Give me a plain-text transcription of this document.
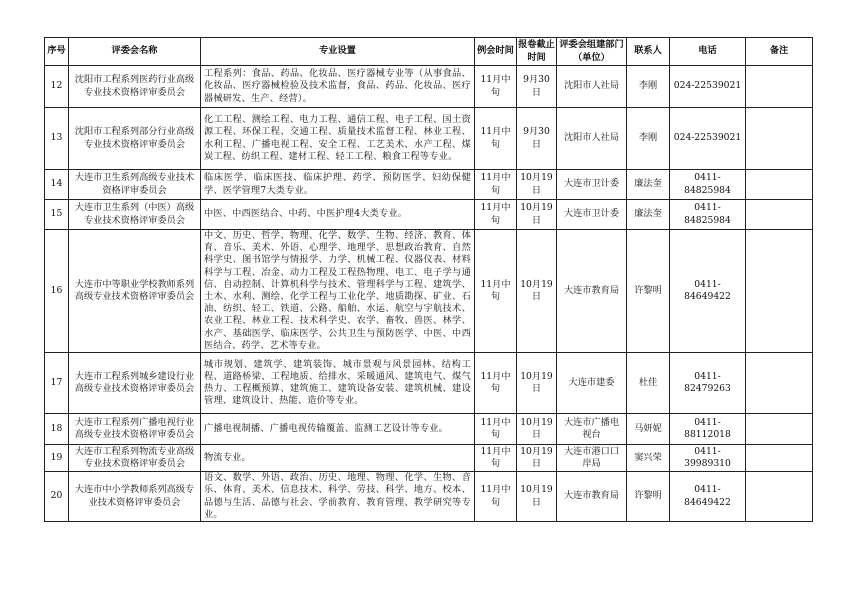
序号	评委会名称	专业设置	例会时间	报卷截止时间	评委会组建部门（单位）	联系人	电话	备注
12	沈阳市工程系列医药行业高级专业技术资格评审委员会	工程系列：食品、药品、化妆品、医疗器械专业等（从事食品、化妆品、医疗器械检验及技术监督，食品、药品、化妆品、医疗器械研发、生产、经营）。	11月中旬	9月30日	沈阳市人社局	李刚	024-22539021	
13	沈阳市工程系列部分行业高级专业技术资格评审委员会	化工工程、测绘工程、电力工程、通信工程、电子工程、国土资源工程、环保工程、交通工程、质量技术监督工程、林业工程、水利工程、广播电视工程、安全工程、工艺美术、水产工程、煤炭工程、纺织工程、建材工程、轻工工程、粮食工程等专业。	11月中旬	9月30日	沈阳市人社局	李刚	024-22539021	
14	大连市卫生系列高级专业技术资格评审委员会	临床医学、临床医技、临床护理、药学、预防医学、妇幼保健学、医学管理7大类专业。	11月中旬	10月19日	大连市卫计委	廉法奎	0411-84825984	
15	大连市卫生系列（中医）高级专业技术资格评审委员会	中医、中西医结合、中药、中医护理4大类专业。	11月中旬	10月19日	大连市卫计委	廉法奎	0411-84825984	
16	大连市中等职业学校教师系列高级专业技术资格评审委员会	中文、历史、哲学、物理、化学、数学、生物、经济、教育、体育、音乐、美术、外语、心理学、地理学、思想政治教育、自然科学史、图书馆学与情报学、力学、机械工程、仪器仪表、材料科学与工程、冶金、动力工程及工程热物理、电工、电子学与通信、自动控制、计算机科学与技术、管理科学与工程、建筑学、土木、水利、测绘、化学工程与工业化学、地质勘探、矿业、石油、纺织、轻工、铁道、公路、船舶、水运、航空与宇航技术、农业工程、林业工程、技术科学史、农学、畜牧、兽医、林学、水产、基础医学、临床医学、公共卫生与预防医学、中医、中西医结合、药学、艺术等专业。	11月中旬	10月19日	大连市教育局	许黎明	0411-84649422	
17	大连市工程系列城乡建设行业高级专业技术资格评审委员会	城市规划、建筑学、建筑装饰、城市景观与风景园林、结构工程、道路桥梁、工程地质、给排水、采暖通风、建筑电气、煤气热力、工程概预算、建筑施工、建筑设备安装、建筑机械、建设管理、建筑设计、热能、造价等专业。	11月中旬	10月19日	大连市建委	杜佳	0411-82479263	
18	大连市工程系列广播电视行业高级专业技术资格评审委员会	广播电视制播、广播电视传输覆盖、监测工艺设计等专业。	11月中旬	10月19日	大连市广播电视台	马妍妮	0411-88112018	
19	大连市工程系列物流专业高级专业技术资格评审委员会	物流专业。	11月中旬	10月19日	大连市港口口岸局	窦兴荣	0411-39989310	
20	大连市中小学教师系列高级专业技术资格评审委员会	语文、数学、外语、政治、历史、地理、物理、化学、生物、音乐、体育、美术、信息技术、科学、劳技、科学、地方、校本、品德与生活、品德与社会、学前教育、教育管理、教学研究等专业。	11月中旬	10月19日	大连市教育局	许黎明	0411-84649422	
